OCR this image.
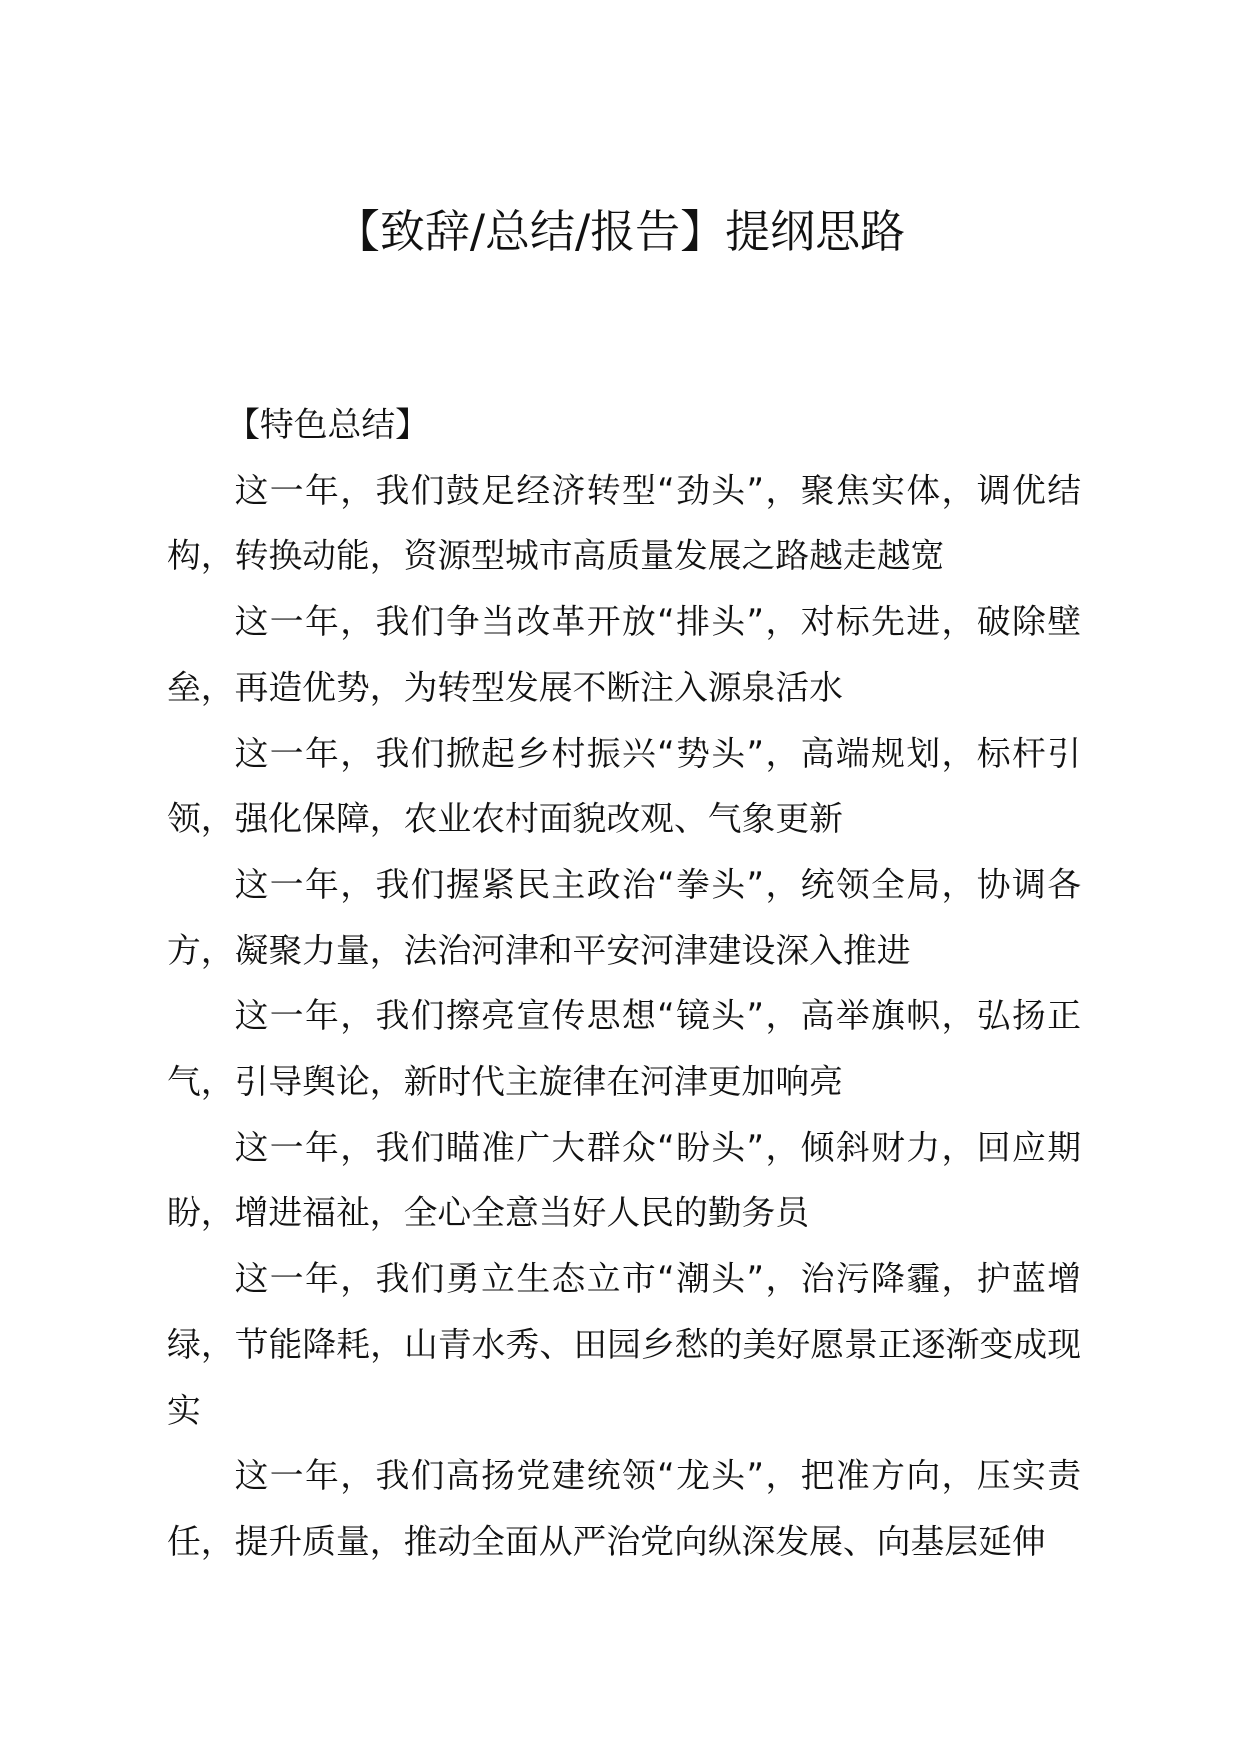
【致辞/总结/报告】提纲思路

【特色总结】

这一年，我们鼓足经济转型“劲头”，聚焦实体，调优结构，转换动能，资源型城市高质量发展之路越走越宽

这一年，我们争当改革开放“排头”，对标先进，破除壁垒，再造优势，为转型发展不断注入源泉活水

这一年，我们掀起乡村振兴“势头”，高端规划，标杆引领，强化保障，农业农村面貌改观、气象更新

这一年，我们握紧民主政治“拳头”，统领全局，协调各方，凝聚力量，法治河津和平安河津建设深入推进

这一年，我们擦亮宣传思想“镜头”，高举旗帜，弘扬正气，引导舆论，新时代主旋律在河津更加响亮

这一年，我们瞄准广大群众“盼头”，倾斜财力，回应期盼，增进福祉，全心全意当好人民的勤务员

这一年，我们勇立生态立市“潮头”，治污降霾，护蓝增绿，节能降耗，山青水秀、田园乡愁的美好愿景正逐渐变成现实

这一年，我们高扬党建统领“龙头”，把准方向，压实责任，提升质量，推动全面从严治党向纵深发展、向基层延伸
